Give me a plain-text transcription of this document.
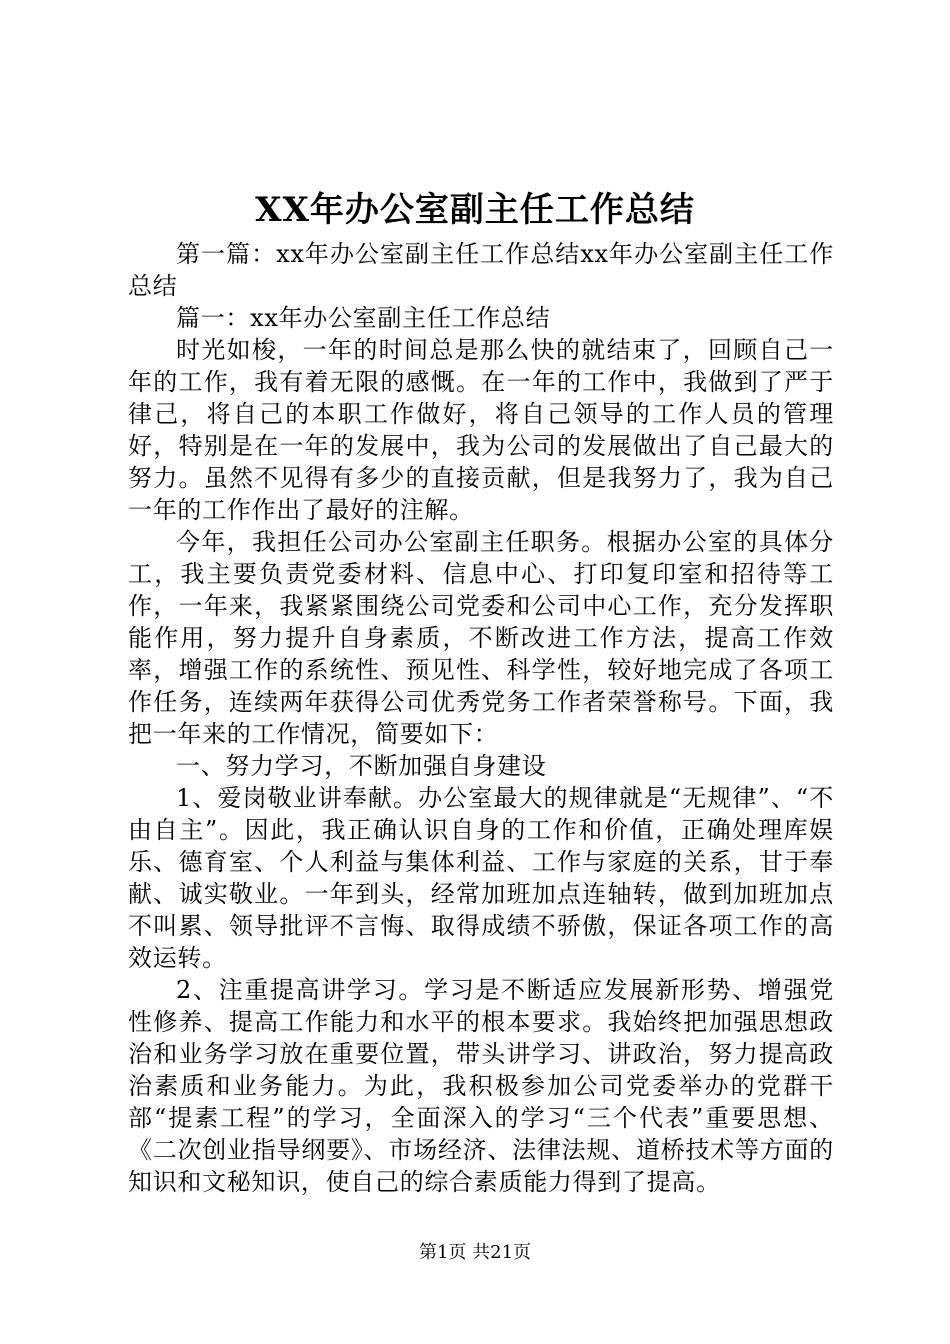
XX年办公室副主任工作总结

第一篇：xx年办公室副主任工作总结xx年办公室副主任工作总结

篇一：xx年办公室副主任工作总结

时光如梭，一年的时间总是那么快的就结束了，回顾自己一年的工作，我有着无限的感慨。在一年的工作中，我做到了严于律己，将自己的本职工作做好，将自己领导的工作人员的管理好，特别是在一年的发展中，我为公司的发展做出了自己最大的努力。虽然不见得有多少的直接贡献，但是我努力了，我为自己一年的工作作出了最好的注解。

今年，我担任公司办公室副主任职务。根据办公室的具体分工，我主要负责党委材料、信息中心、打印复印室和招待等工作，一年来，我紧紧围绕公司党委和公司中心工作，充分发挥职能作用，努力提升自身素质，不断改进工作方法，提高工作效率，增强工作的系统性、预见性、科学性，较好地完成了各项工作任务，连续两年获得公司优秀党务工作者荣誉称号。下面，我把一年来的工作情况，简要如下：

一、努力学习，不断加强自身建设

1、爱岗敬业讲奉献。办公室最大的规律就是“无规律”、“不由自主”。因此，我正确认识自身的工作和价值，正确处理库娱乐、德育室、个人利益与集体利益、工作与家庭的关系，甘于奉献、诚实敬业。一年到头，经常加班加点连轴转，做到加班加点不叫累、领导批评不言悔、取得成绩不骄傲，保证各项工作的高效运转。

2、注重提高讲学习。学习是不断适应发展新形势、增强党性修养、提高工作能力和水平的根本要求。我始终把加强思想政治和业务学习放在重要位置，带头讲学习、讲政治，努力提高政治素质和业务能力。为此，我积极参加公司党委举办的党群干部“提素工程”的学习，全面深入的学习“三个代表”重要思想、《二次创业指导纲要》、市场经济、法律法规、道桥技术等方面的知识和文秘知识，使自己的综合素质能力得到了提高。

第1页 共21页
